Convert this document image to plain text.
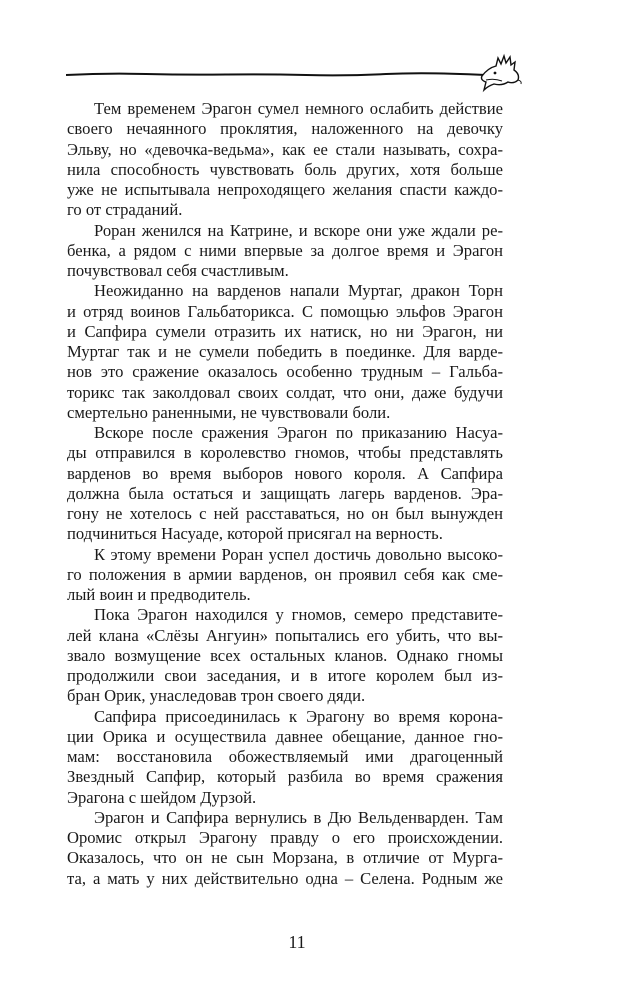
Тем временем Эрагон сумел немного ослабить действие
своего нечаянного проклятия, наложенного на девочку
Эльву, но «девочка-ведьма», как ее стали называть, сохра-
нила способность чувствовать боль других, хотя больше
уже не испытывала непроходящего желания спасти каждо-
го от страданий.
Роран женился на Катрине, и вскоре они уже ждали ре-
бенка, а рядом с ними впервые за долгое время и Эрагон
почувствовал себя счастливым.
Неожиданно на варденов напали Муртаг, дракон Торн
и отряд воинов Гальбаторикса. С помощью эльфов Эрагон
и Сапфира сумели отразить их натиск, но ни Эрагон, ни
Муртаг так и не сумели победить в поединке. Для варде-
нов это сражение оказалось особенно трудным – Гальба-
торикс так заколдовал своих солдат, что они, даже будучи
смертельно раненными, не чувствовали боли.
Вскоре после сражения Эрагон по приказанию Насуа-
ды отправился в королевство гномов, чтобы представлять
варденов во время выборов нового короля. А Сапфира
должна была остаться и защищать лагерь варденов. Эра-
гону не хотелось с ней расставаться, но он был вынужден
подчиниться Насуаде, которой присягал на верность.
К этому времени Роран успел достичь довольно высоко-
го положения в армии варденов, он проявил себя как сме-
лый воин и предводитель.
Пока Эрагон находился у гномов, семеро представите-
лей клана «Слёзы Ангуин» попытались его убить, что вы-
звало возмущение всех остальных кланов. Однако гномы
продолжили свои заседания, и в итоге королем был из-
бран Орик, унаследовав трон своего дяди.
Сапфира присоединилась к Эрагону во время корона-
ции Орика и осуществила давнее обещание, данное гно-
мам: восстановила обожествляемый ими драгоценный
Звездный Сапфир, который разбила во время сражения
Эрагона с шейдом Дурзой.
Эрагон и Сапфира вернулись в Дю Вельденварден. Там
Оромис открыл Эрагону правду о его происхождении.
Оказалось, что он не сын Морзана, в отличие от Мурга-
та, а мать у них действительно одна – Селена. Родным же
11
